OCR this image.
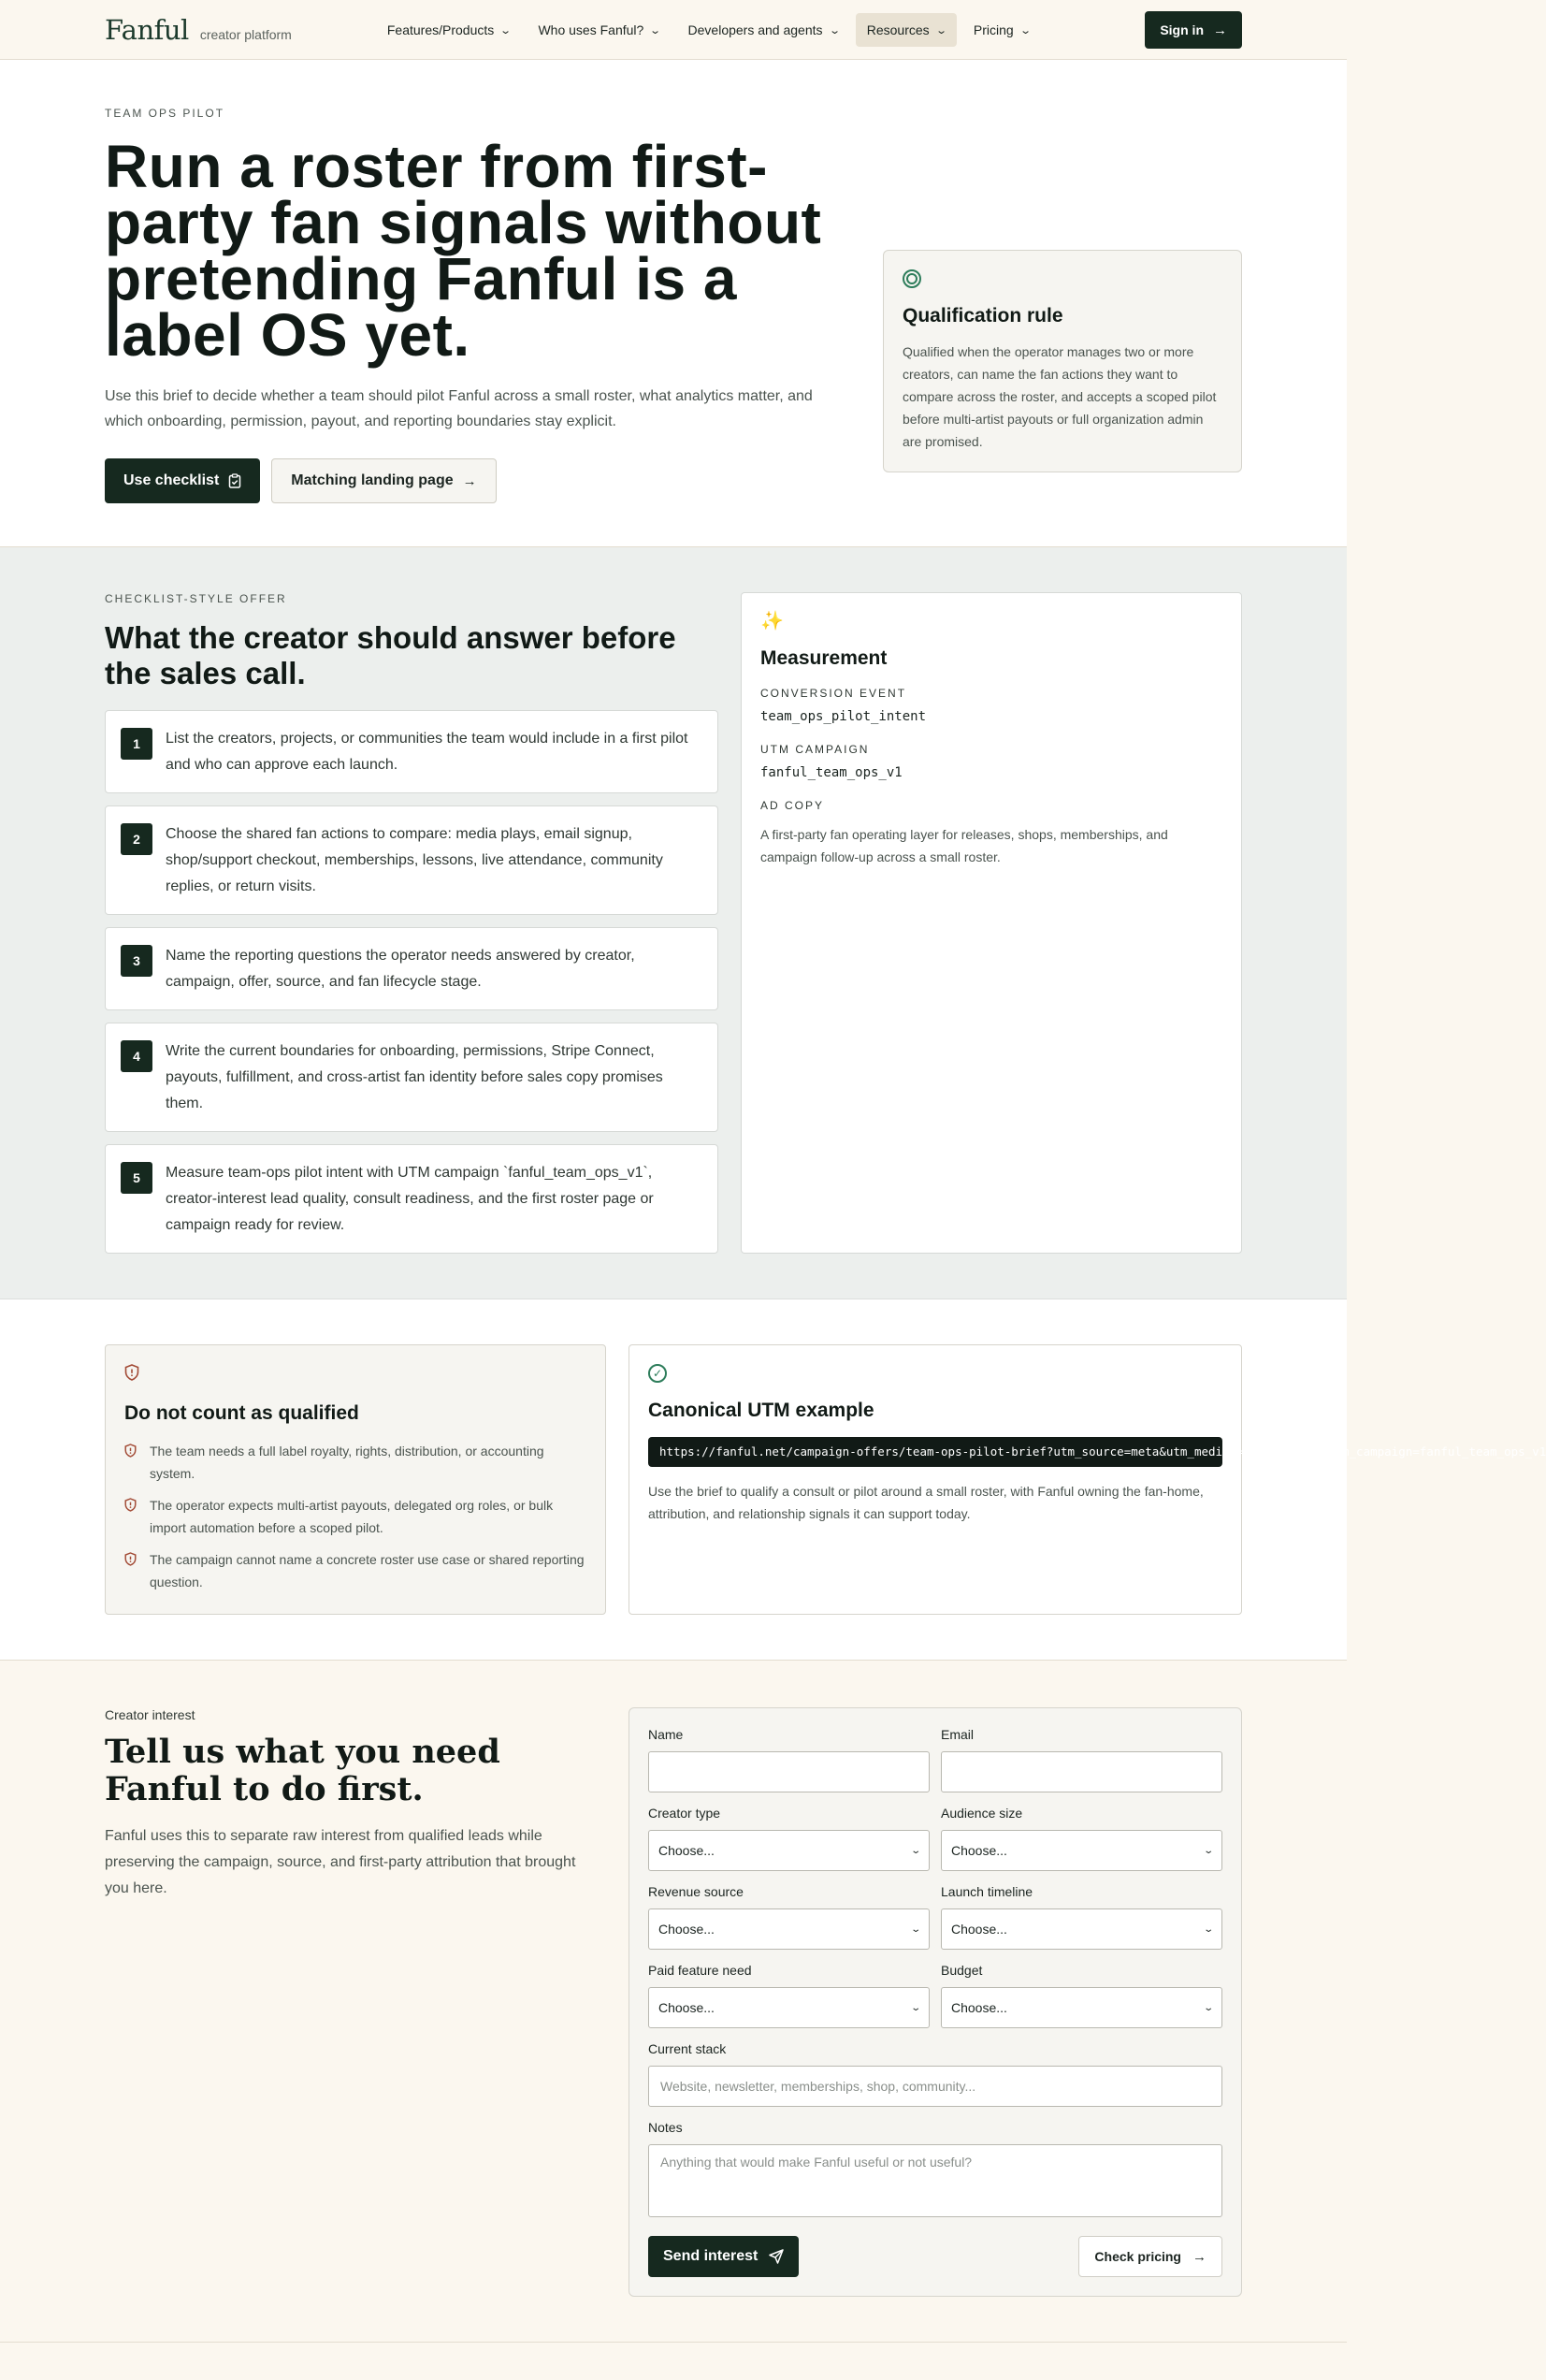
Fanful creator platform	Features/Products ⌄ Who uses Fanful? ⌄ Developers and agents ⌄ Resources ⌄ Pricing ⌄	Sign in →
TEAM OPS PILOT
Run a roster from first-party fan signals without pretending Fanful is a label OS yet.

Use this brief to decide whether a team should pilot Fanful across a small roster, what analytics matter, and which onboarding, permission, payout, and reporting boundaries stay explicit.

Use checklist	Matching landing page →
Qualification rule
Qualified when the operator manages two or more creators, can name the fan actions they want to compare across the roster, and accepts a scoped pilot before multi-artist payouts or full organization admin are promised.
CHECKLIST-STYLE OFFER
What the creator should answer before the sales call.
1	List the creators, projects, or communities the team would include in a first pilot and who can approve each launch.
2	Choose the shared fan actions to compare: media plays, email signup, shop/support checkout, memberships, lessons, live attendance, community replies, or return visits.
3	Name the reporting questions the operator needs answered by creator, campaign, offer, source, and fan lifecycle stage.
4	Write the current boundaries for onboarding, permissions, Stripe Connect, payouts, fulfillment, and cross-artist fan identity before sales copy promises them.
5	Measure team-ops pilot intent with UTM campaign `fanful_team_ops_v1`, creator-interest lead quality, consult readiness, and the first roster page or campaign ready for review.
✨
Measurement
CONVERSION EVENT
team_ops_pilot_intent
UTM CAMPAIGN
fanful_team_ops_v1
AD COPY
A first-party fan operating layer for releases, shops, memberships, and campaign follow-up across a small roster.
Do not count as qualified
The team needs a full label royalty, rights, distribution, or accounting system.
The operator expects multi-artist payouts, delegated org roles, or bulk import automation before a scoped pilot.
The campaign cannot name a concrete roster use case or shared reporting question.
✓
Canonical UTM example
https://fanful.net/campaign-offers/team-ops-pilot-brief?utm_source=meta&utm_medium=paid_social&utm_campaign=fanful_team_ops_v1
Use the brief to qualify a consult or pilot around a small roster, with Fanful owning the fan-home, attribution, and relationship signals it can support today.
Creator interest
Tell us what you need Fanful to do first.

Fanful uses this to separate raw interest from qualified leads while preserving the campaign, source, and first-party attribution that brought you here.

Name	Email
Creator type
Choose...	⌄
Audience size
Choose...	⌄
Revenue source
Choose...	⌄
Launch timeline
Choose...	⌄
Paid feature need
Choose...	⌄
Budget
Choose...	⌄
Current stack
Website, newsletter, memberships, shop, community...
Notes
Anything that would make Fanful useful or not useful?
Send interest	Check pricing →
